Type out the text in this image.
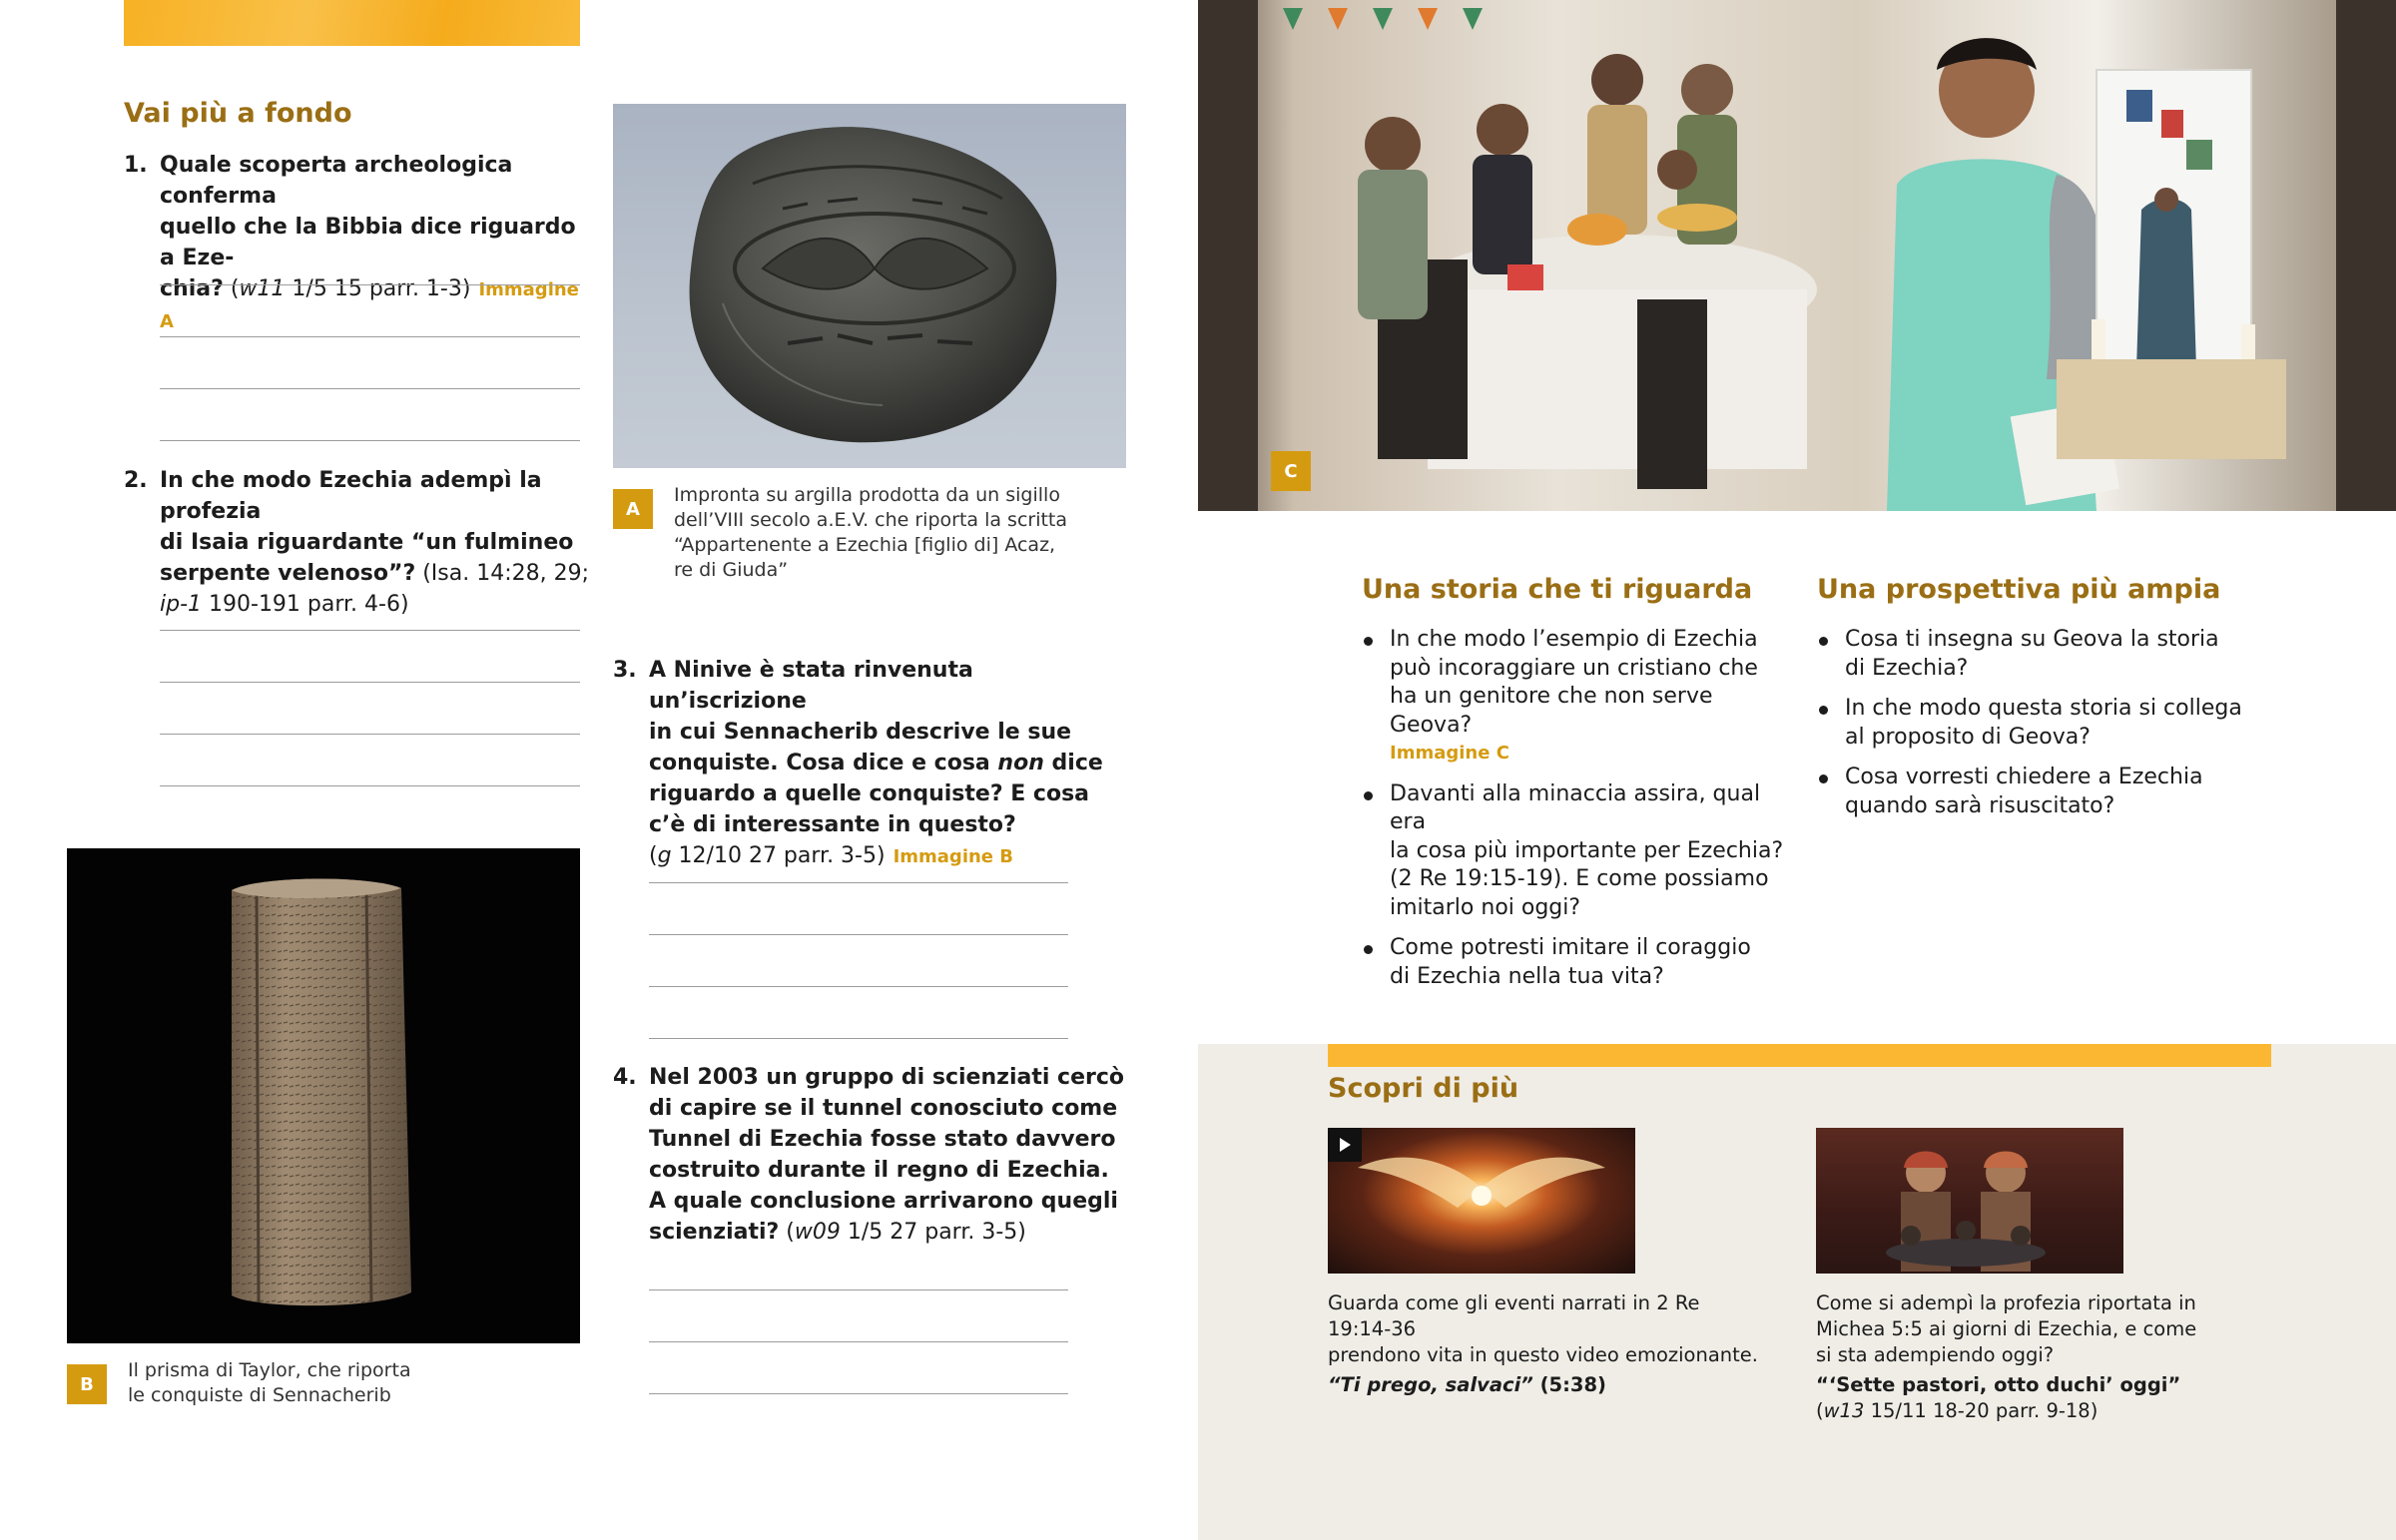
Vai più a fondo
1. Quale scoperta archeologica conferma
quello che la Bibbia dice riguardo a Eze-
chia? (w11 1/5 15 parr. 1-3) Immagine A
2. In che modo Ezechia adempì la profezia
di Isaia riguardante “un fulmineo
serpente velenoso”? (Isa. 14:28, 29;
ip-1 190-191 parr. 4-6)
A
Impronta su argilla prodotta da un sigillo
dell’VIII secolo a.E.V. che riporta la scritta
“Appartenente a Ezechia [figlio di] Acaz,
re di Giuda”
3. A Ninive è stata rinvenuta un’iscrizione
in cui Sennacherib descrive le sue
conquiste. Cosa dice e cosa non dice
riguardo a quelle conquiste? E cosa
c’è di interessante in questo?
(g 12/10 27 parr. 3-5) Immagine B
B
Il prisma di Taylor, che riporta
le conquiste di Sennacherib
4. Nel 2003 un gruppo di scienziati cercò
di capire se il tunnel conosciuto come
Tunnel di Ezechia fosse stato davvero
costruito durante il regno di Ezechia.
A quale conclusione arrivarono quegli
scienziati? (w09 1/5 27 parr. 3-5)
C
Una storia che ti riguarda
In che modo l’esempio di Ezechia
può incoraggiare un cristiano che
ha un genitore che non serve Geova?
Immagine C
Davanti alla minaccia assira, qual era
la cosa più importante per Ezechia?
(2 Re 19:15-19). E come possiamo
imitarlo noi oggi?
Come potresti imitare il coraggio
di Ezechia nella tua vita?
Una prospettiva più ampia
Cosa ti insegna su Geova la storia
di Ezechia?
In che modo questa storia si collega
al proposito di Geova?
Cosa vorresti chiedere a Ezechia
quando sarà risuscitato?
Scopri di più
Guarda come gli eventi narrati in 2 Re 19:14-36
prendono vita in questo video emozionante.
“Ti prego, salvaci” (5:38)
Come si adempì la profezia riportata in
Michea 5:5 ai giorni di Ezechia, e come
si sta adempiendo oggi?
“‘Sette pastori, otto duchi’ oggi”
(w13 15/11 18-20 parr. 9-18)
